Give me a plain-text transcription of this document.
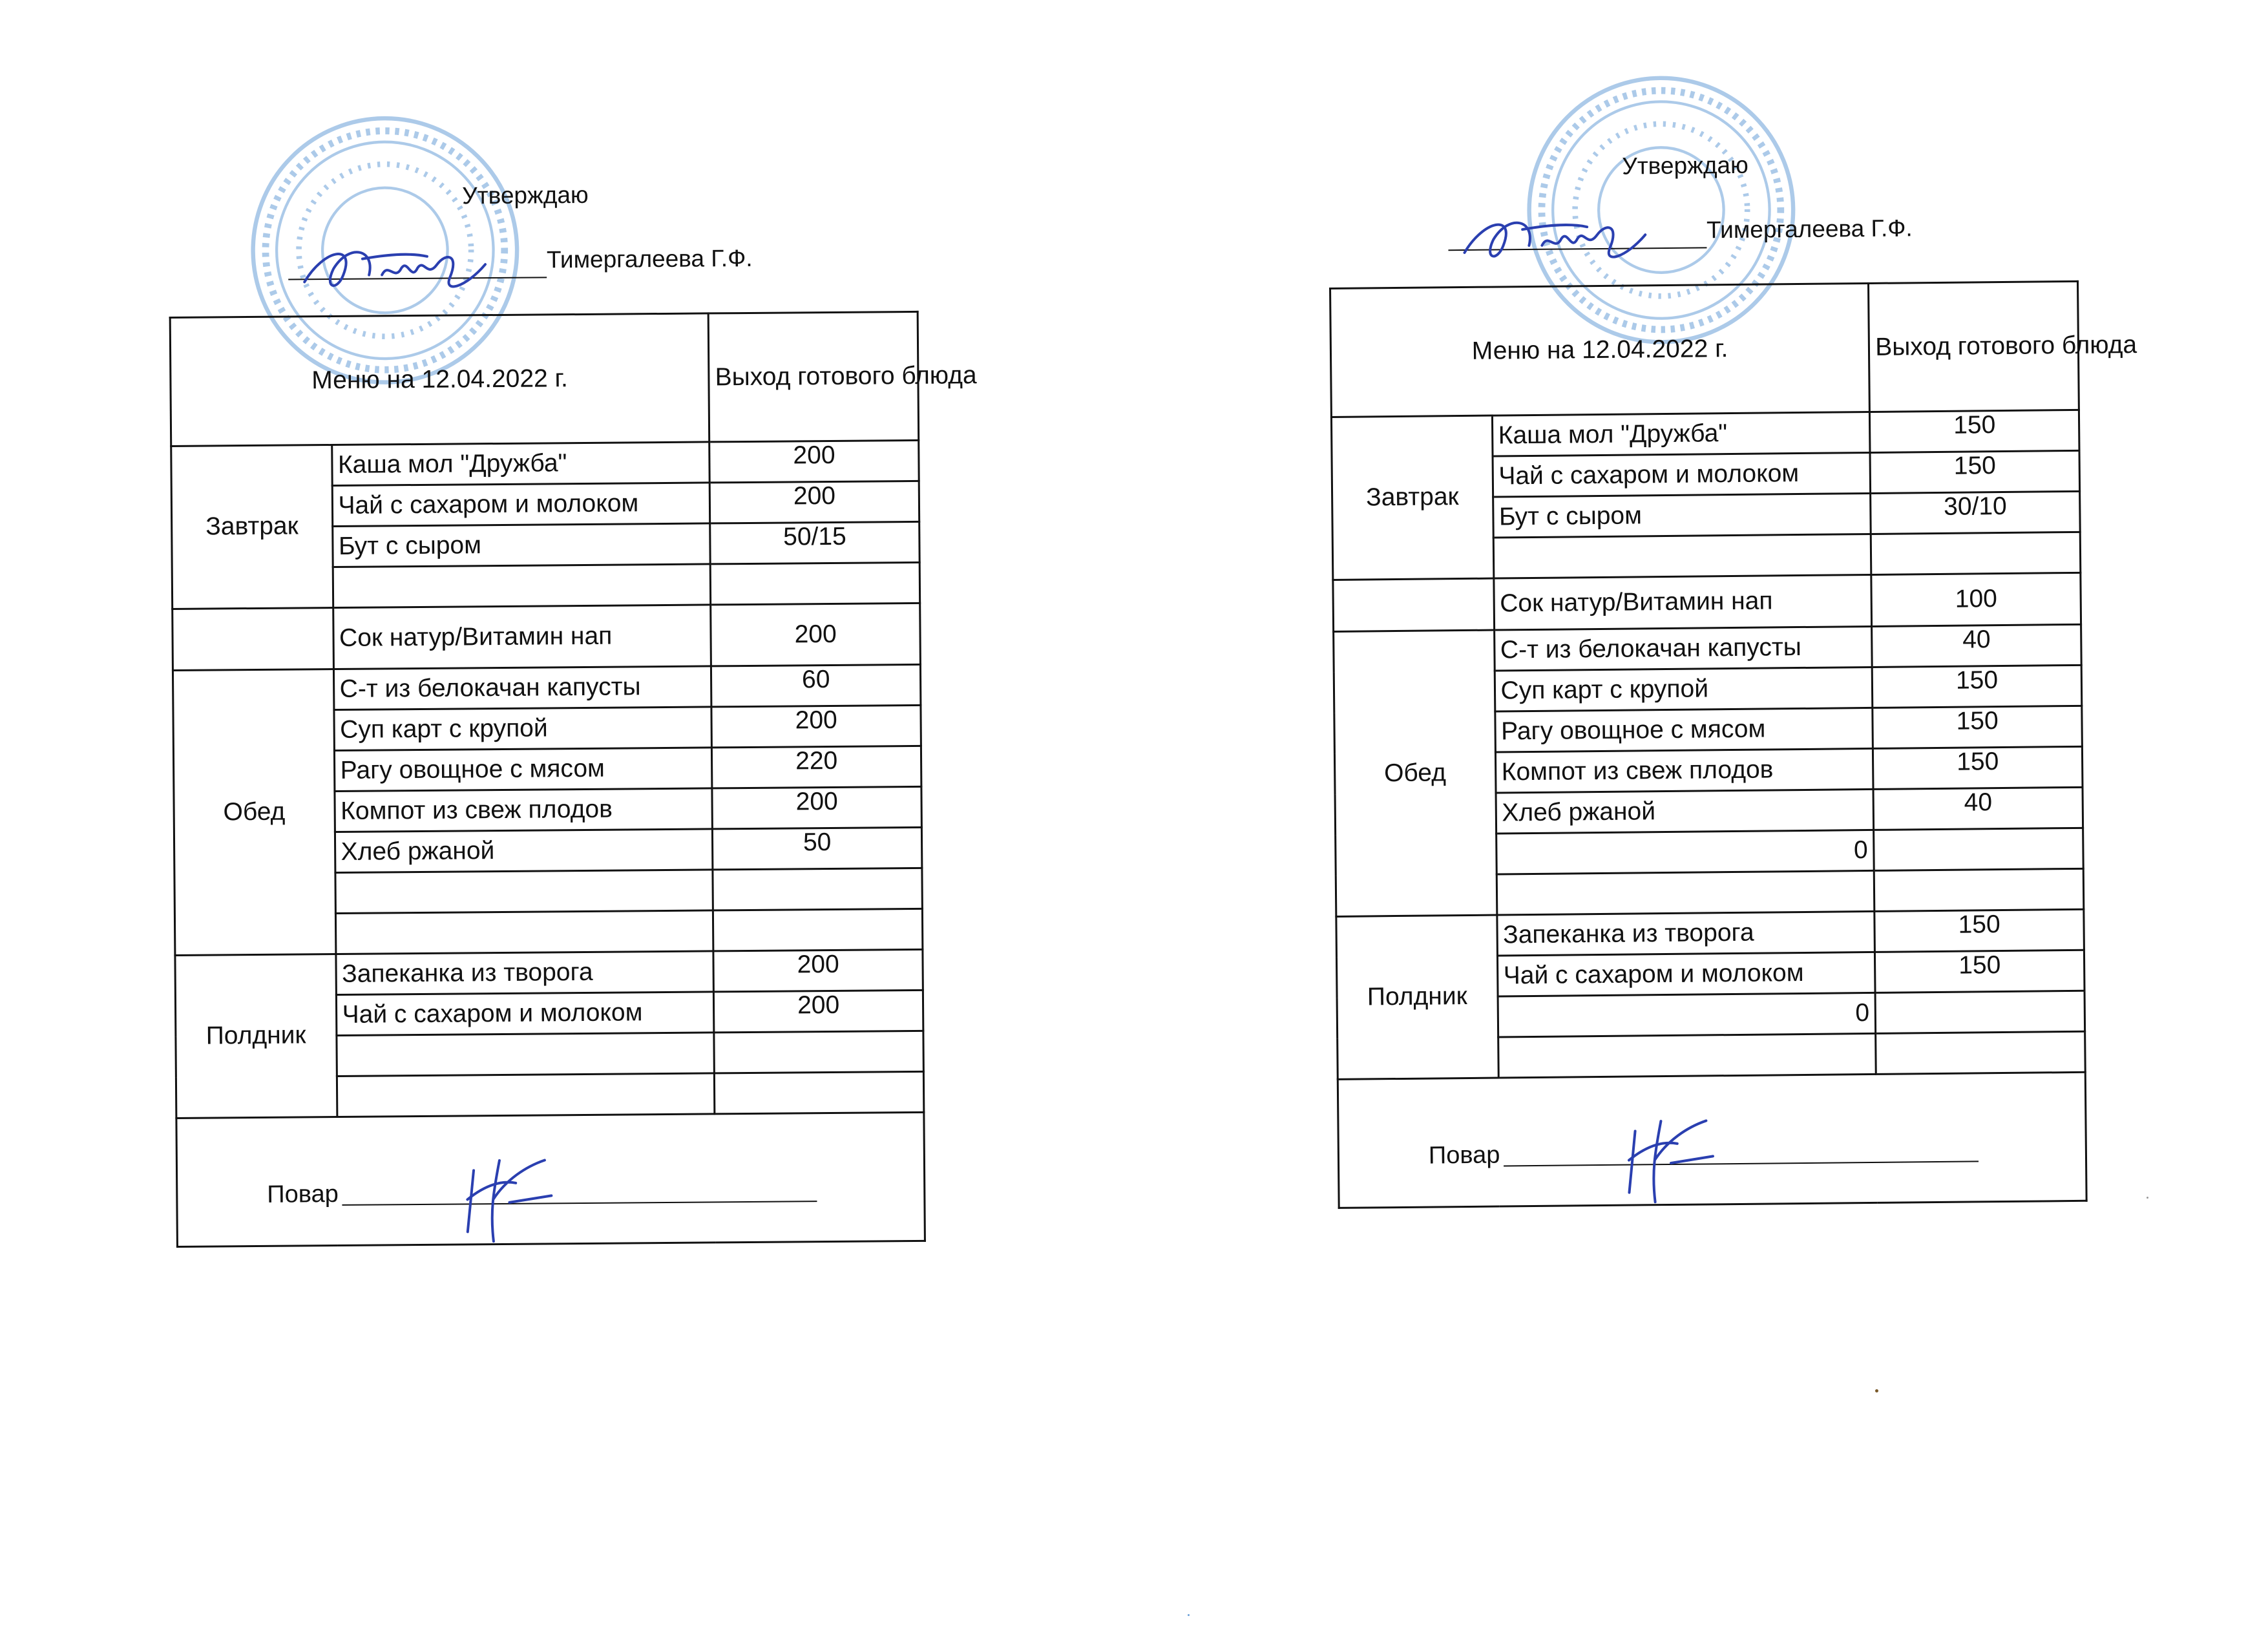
Утверждаю
Тимергалеева Г.Ф.
Меню на 12.04.2022 г.		Выход готового блюда
Завтрак	Каша мол "Дружба"	200
	Чай с сахаром и молоком	200
	Бут с сыром	50/15

	Сок натур/Витамин нап	200
Обед	С-т из белокачан капусты	60
	Суп карт с крупой	200
	Рагу овощное с мясом	220
	Компот из свеж плодов	200
	Хлеб ржаной	50

Полдник	Запеканка из творога	200
	Чай с сахаром и молоком	200

Повар		
Утверждаю
Тимергалеева Г.Ф.
Меню на 12.04.2022 г.		Выход готового блюда
Завтрак	Каша мол "Дружба"	150
	Чай с сахаром и молоком	150
	Бут с сыром	30/10

	Сок натур/Витамин нап	100
Обед	С-т из белокачан капусты	40
	Суп карт с крупой	150
	Рагу овощное с мясом	150
	Компот из свеж плодов	150
	Хлеб ржаной	40
	0	

Полдник	Запеканка из творога	150
	Чай с сахаром и молоком	150
	0	

Повар		
